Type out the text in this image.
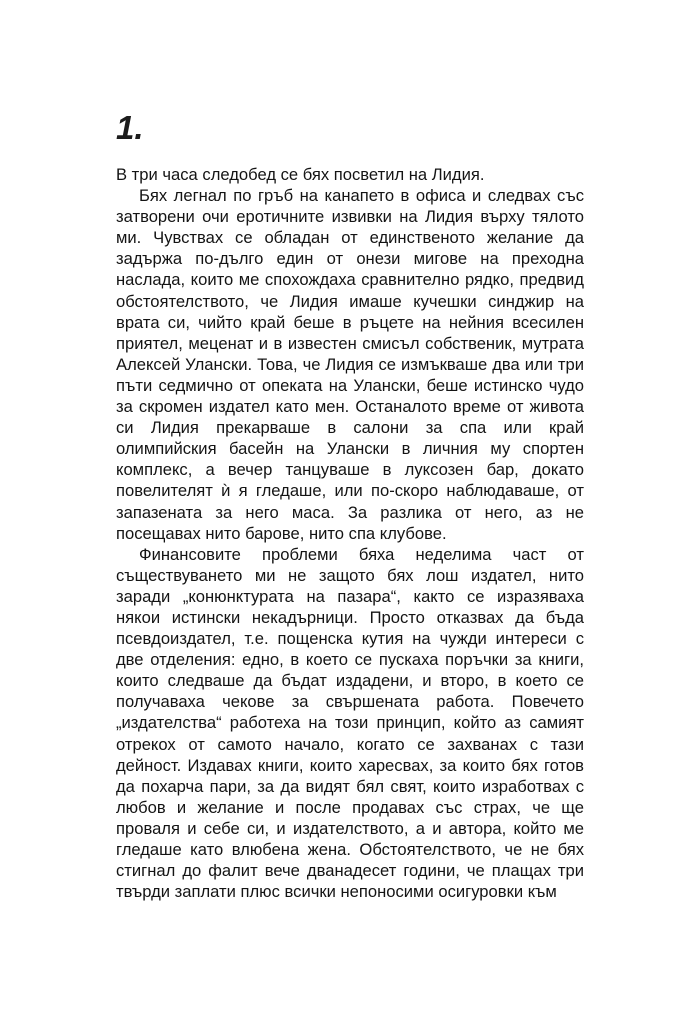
1.

В три часа следобед се бях посветил на Лидия.

Бях легнал по гръб на канапето в офиса и следвах със затворени очи еротичните извивки на Лидия върху тялото ми. Чувствах се обладан от единственото желание да задържа по-дълго един от онези мигове на преходна наслада, които ме спохождаха сравнително рядко, предвид обстоятелството, че Лидия имаше кучешки синджир на врата си, чийто край беше в ръцете на нейния всесилен приятел, меценат и в известен смисъл собственик, мутрата Алексей Улански. Това, че Лидия се измъкваше два или три пъти седмично от опеката на Улански, беше истинско чудо за скромен издател като мен. Останалото време от живота си Лидия прекарваше в салони за спа или край олимпийския басейн на Улански в личния му спортен комплекс, а вечер танцуваше в луксозен бар, докато повелителят ѝ я гледаше, или по-скоро наблюдаваше, от запазената за него маса. За разлика от него, аз не посещавах нито барове, нито спа клубове.

Финансовите проблеми бяха неделима част от съществуването ми не защото бях лош издател, нито заради „конюнктурата на пазара“, както се изразяваха някои истински некадърници. Просто отказвах да бъда псевдоиздател, т.е. пощенска кутия на чужди интереси с две отделения: едно, в което се пускаха поръчки за книги, които следваше да бъдат издадени, и второ, в което се получаваха чекове за свършената работа. Повечето „издателства“ работеха на този принцип, който аз самият отрекох от самото начало, когато се захванах с тази дейност. Издавах книги, които харесвах, за които бях готов да похарча пари, за да видят бял свят, които изработвах с любов и желание и после продавах със страх, че ще проваля и себе си, и издателството, а и автора, който ме гледаше като влюбена жена. Обстоятелството, че не бях стигнал до фалит вече дванадесет години, че плащах три твърди заплати плюс всички непоносими осигуровки към
